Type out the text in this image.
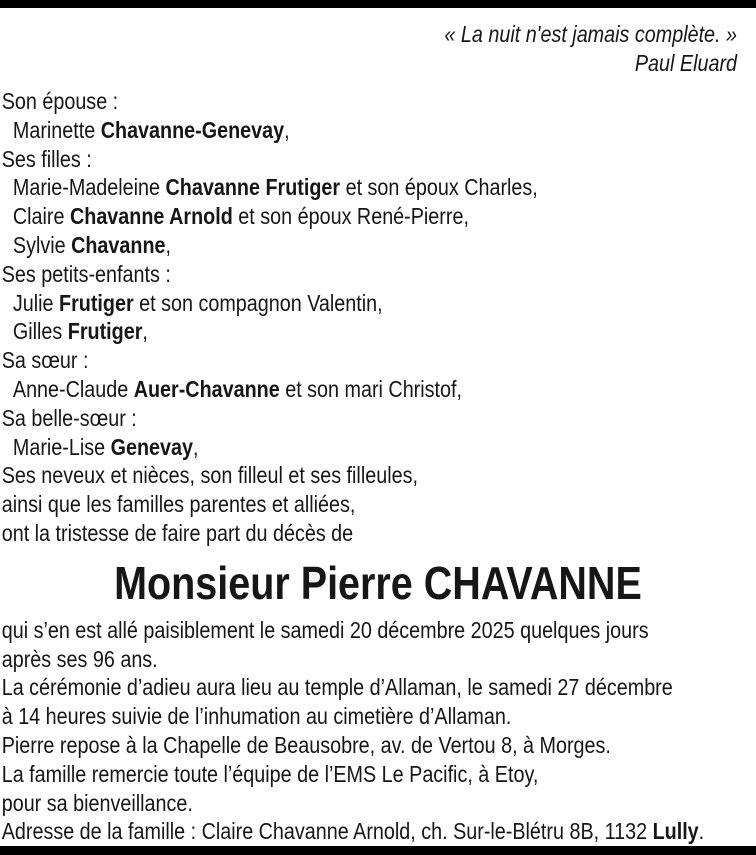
« La nuit n'est jamais complète. »
Paul Eluard
Son épouse :
Marinette Chavanne-Genevay,
Ses filles :
Marie-Madeleine Chavanne Frutiger et son époux Charles,
Claire Chavanne Arnold et son époux René-Pierre,
Sylvie Chavanne,
Ses petits-enfants :
Julie Frutiger et son compagnon Valentin,
Gilles Frutiger,
Sa sœur :
Anne-Claude Auer-Chavanne et son mari Christof,
Sa belle-sœur :
Marie-Lise Genevay,
Ses neveux et nièces, son filleul et ses filleules,
ainsi que les familles parentes et alliées,
ont la tristesse de faire part du décès de
Monsieur Pierre CHAVANNE
qui s’en est allé paisiblement le samedi 20 décembre 2025 quelques jours
après ses 96 ans.
La cérémonie d’adieu aura lieu au temple d’Allaman, le samedi 27 décembre
à 14 heures suivie de l’inhumation au cimetière d’Allaman.
Pierre repose à la Chapelle de Beausobre, av. de Vertou 8, à Morges.
La famille remercie toute l’équipe de l’EMS Le Pacific, à Etoy,
pour sa bienveillance.
Adresse de la famille : Claire Chavanne Arnold, ch. Sur-le-Blétru 8B, 1132 Lully.
